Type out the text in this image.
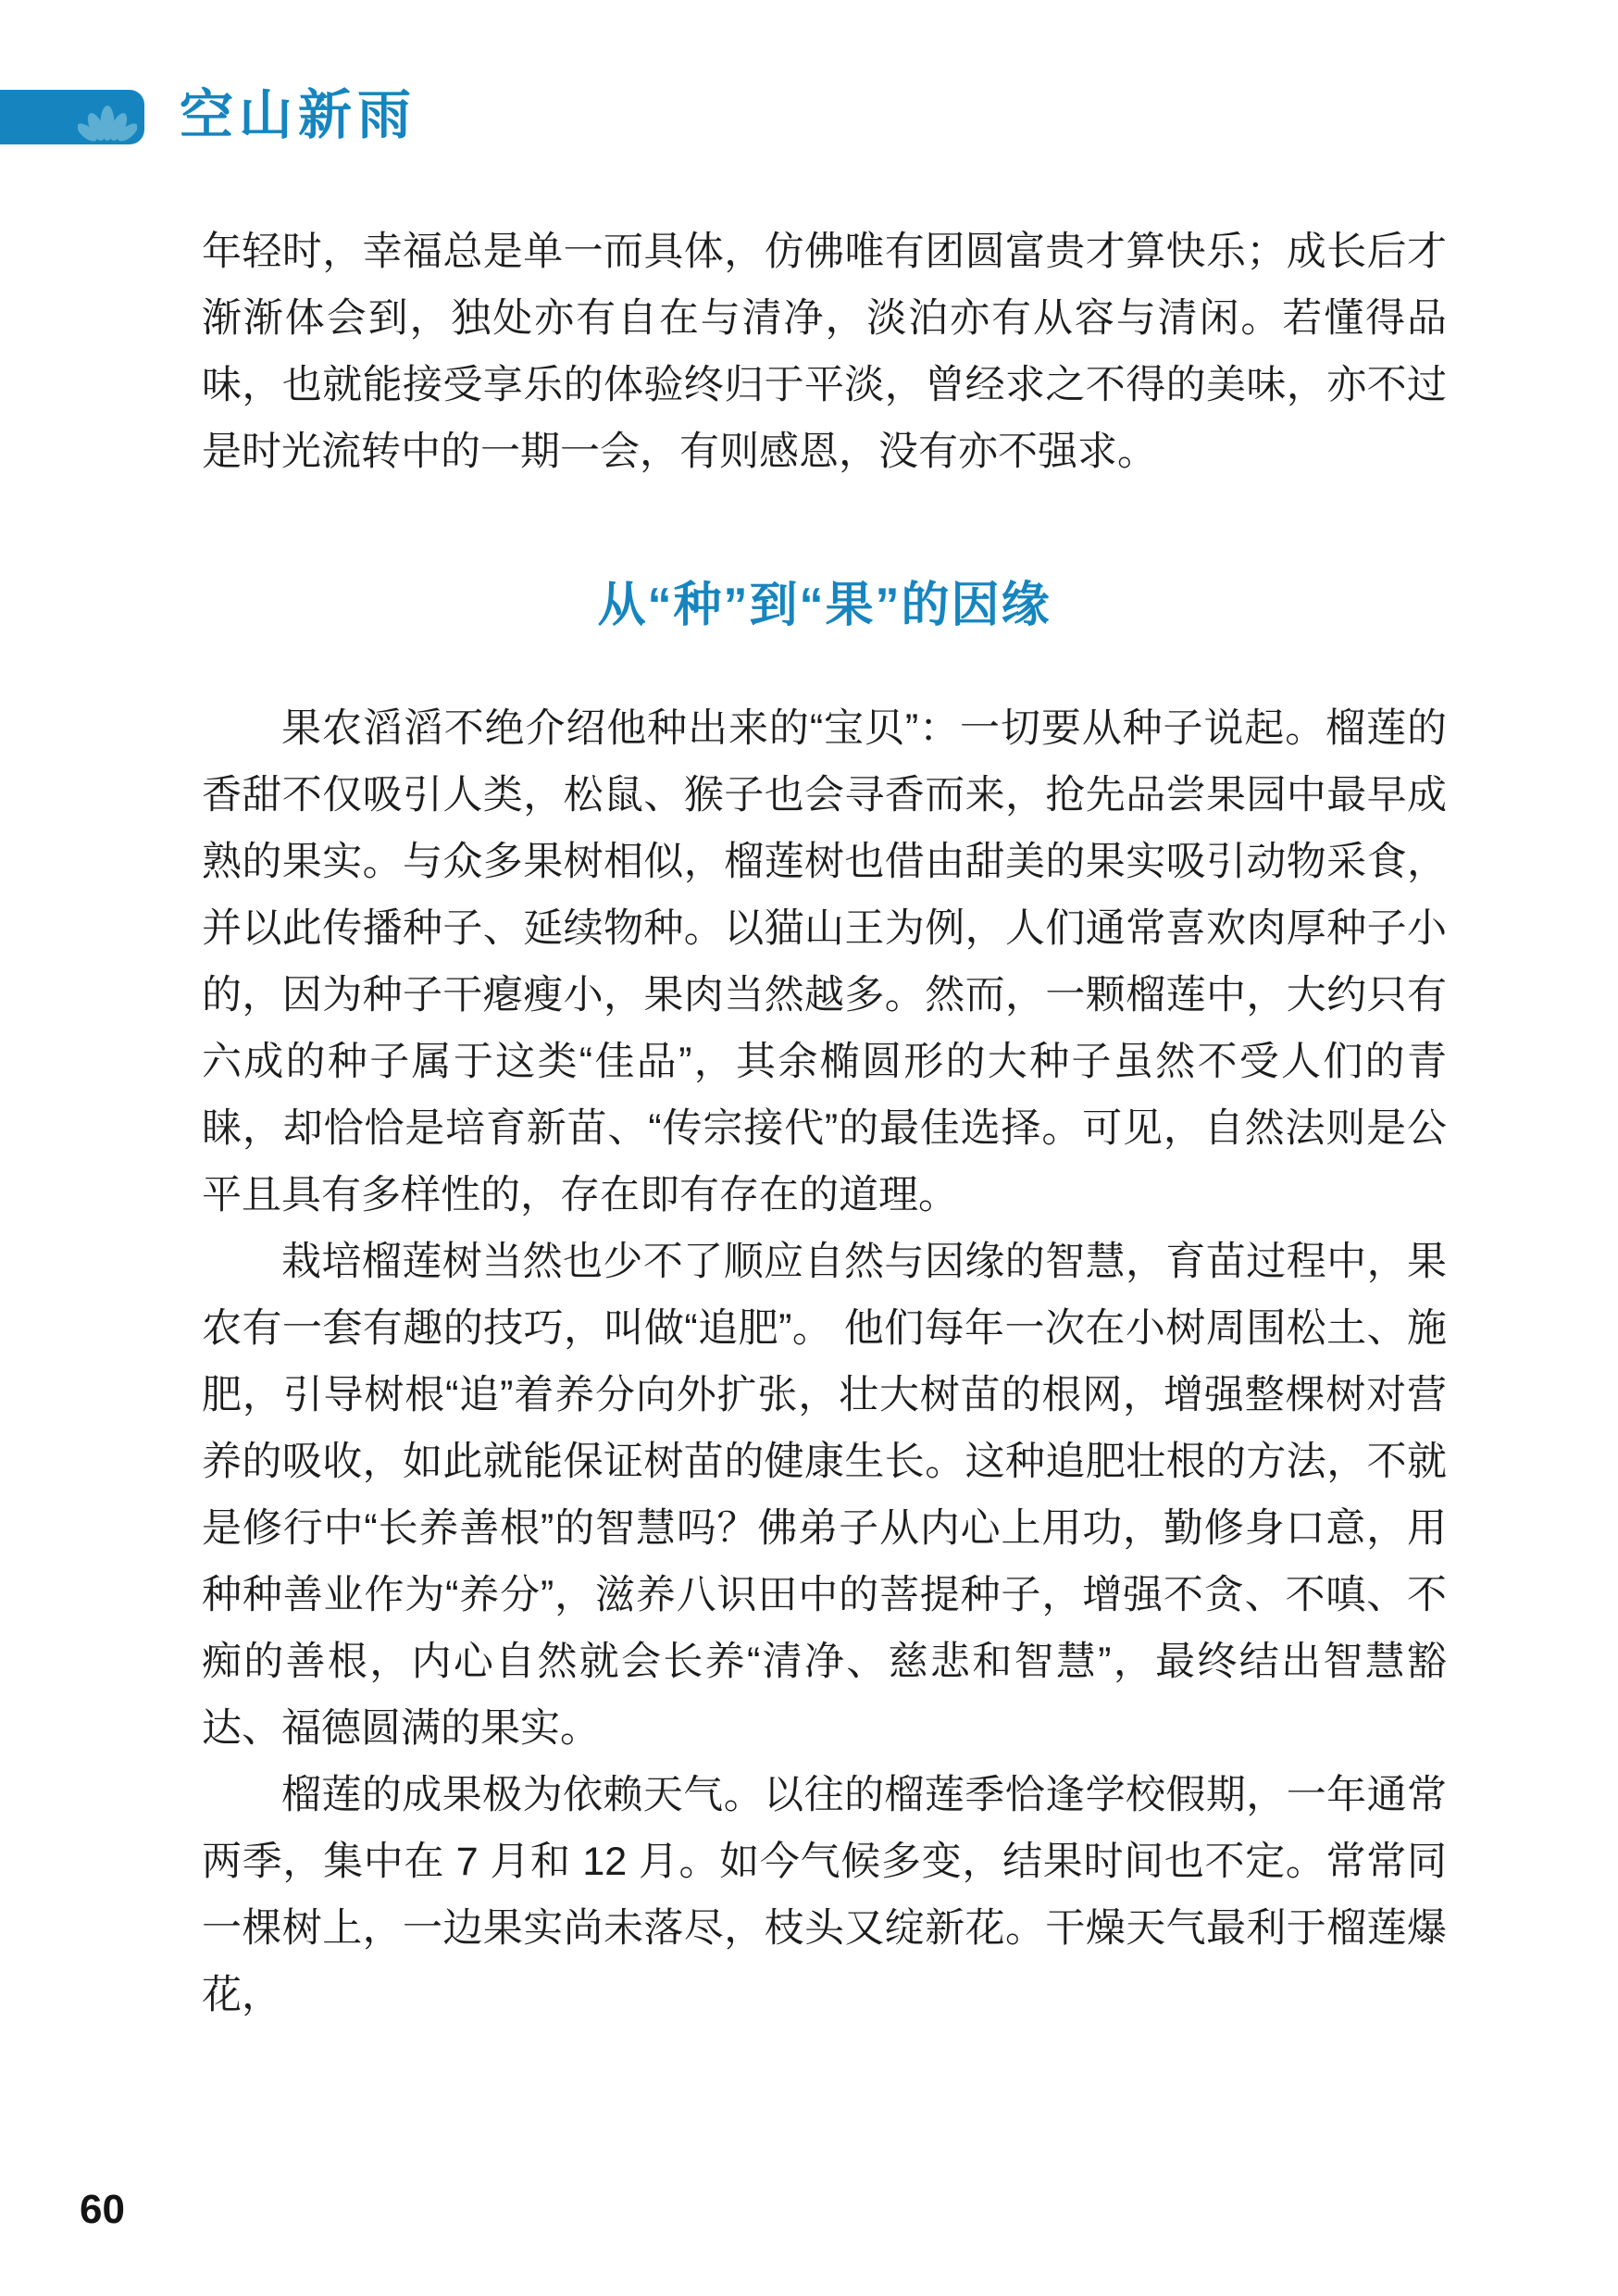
空山新雨

年轻时，幸福总是单一而具体，仿佛唯有团圆富贵才算快乐；成长后才渐渐体会到，独处亦有自在与清净，淡泊亦有从容与清闲。若懂得品味，也就能接受享乐的体验终归于平淡，曾经求之不得的美味，亦不过是时光流转中的一期一会，有则感恩，没有亦不强求。

从“种”到“果”的因缘

果农滔滔不绝介绍他种出来的“宝贝”：一切要从种子说起。榴莲的香甜不仅吸引人类，松鼠、猴子也会寻香而来，抢先品尝果园中最早成熟的果实。与众多果树相似，榴莲树也借由甜美的果实吸引动物采食，并以此传播种子、延续物种。以猫山王为例，人们通常喜欢肉厚种子小的，因为种子干瘪瘦小，果肉当然越多。然而，一颗榴莲中，大约只有六成的种子属于这类“佳品”，其余椭圆形的大种子虽然不受人们的青睐，却恰恰是培育新苗、“传宗接代”的最佳选择。可见，自然法则是公平且具有多样性的，存在即有存在的道理。

栽培榴莲树当然也少不了顺应自然与因缘的智慧，育苗过程中，果农有一套有趣的技巧，叫做“追肥”。 他们每年一次在小树周围松土、施肥，引导树根“追”着养分向外扩张，壮大树苗的根网，增强整棵树对营养的吸收，如此就能保证树苗的健康生长。这种追肥壮根的方法，不就是修行中“长养善根”的智慧吗？佛弟子从内心上用功，勤修身口意，用种种善业作为“养分”，滋养八识田中的菩提种子，增强不贪、不嗔、不痴的善根，内心自然就会长养“清净、慈悲和智慧”，最终结出智慧豁达、福德圆满的果实。

榴莲的成果极为依赖天气。以往的榴莲季恰逢学校假期，一年通常两季，集中在 7 月和 12 月。如今气候多变，结果时间也不定。常常同一棵树上，一边果实尚未落尽，枝头又绽新花。干燥天气最利于榴莲爆花，

60
